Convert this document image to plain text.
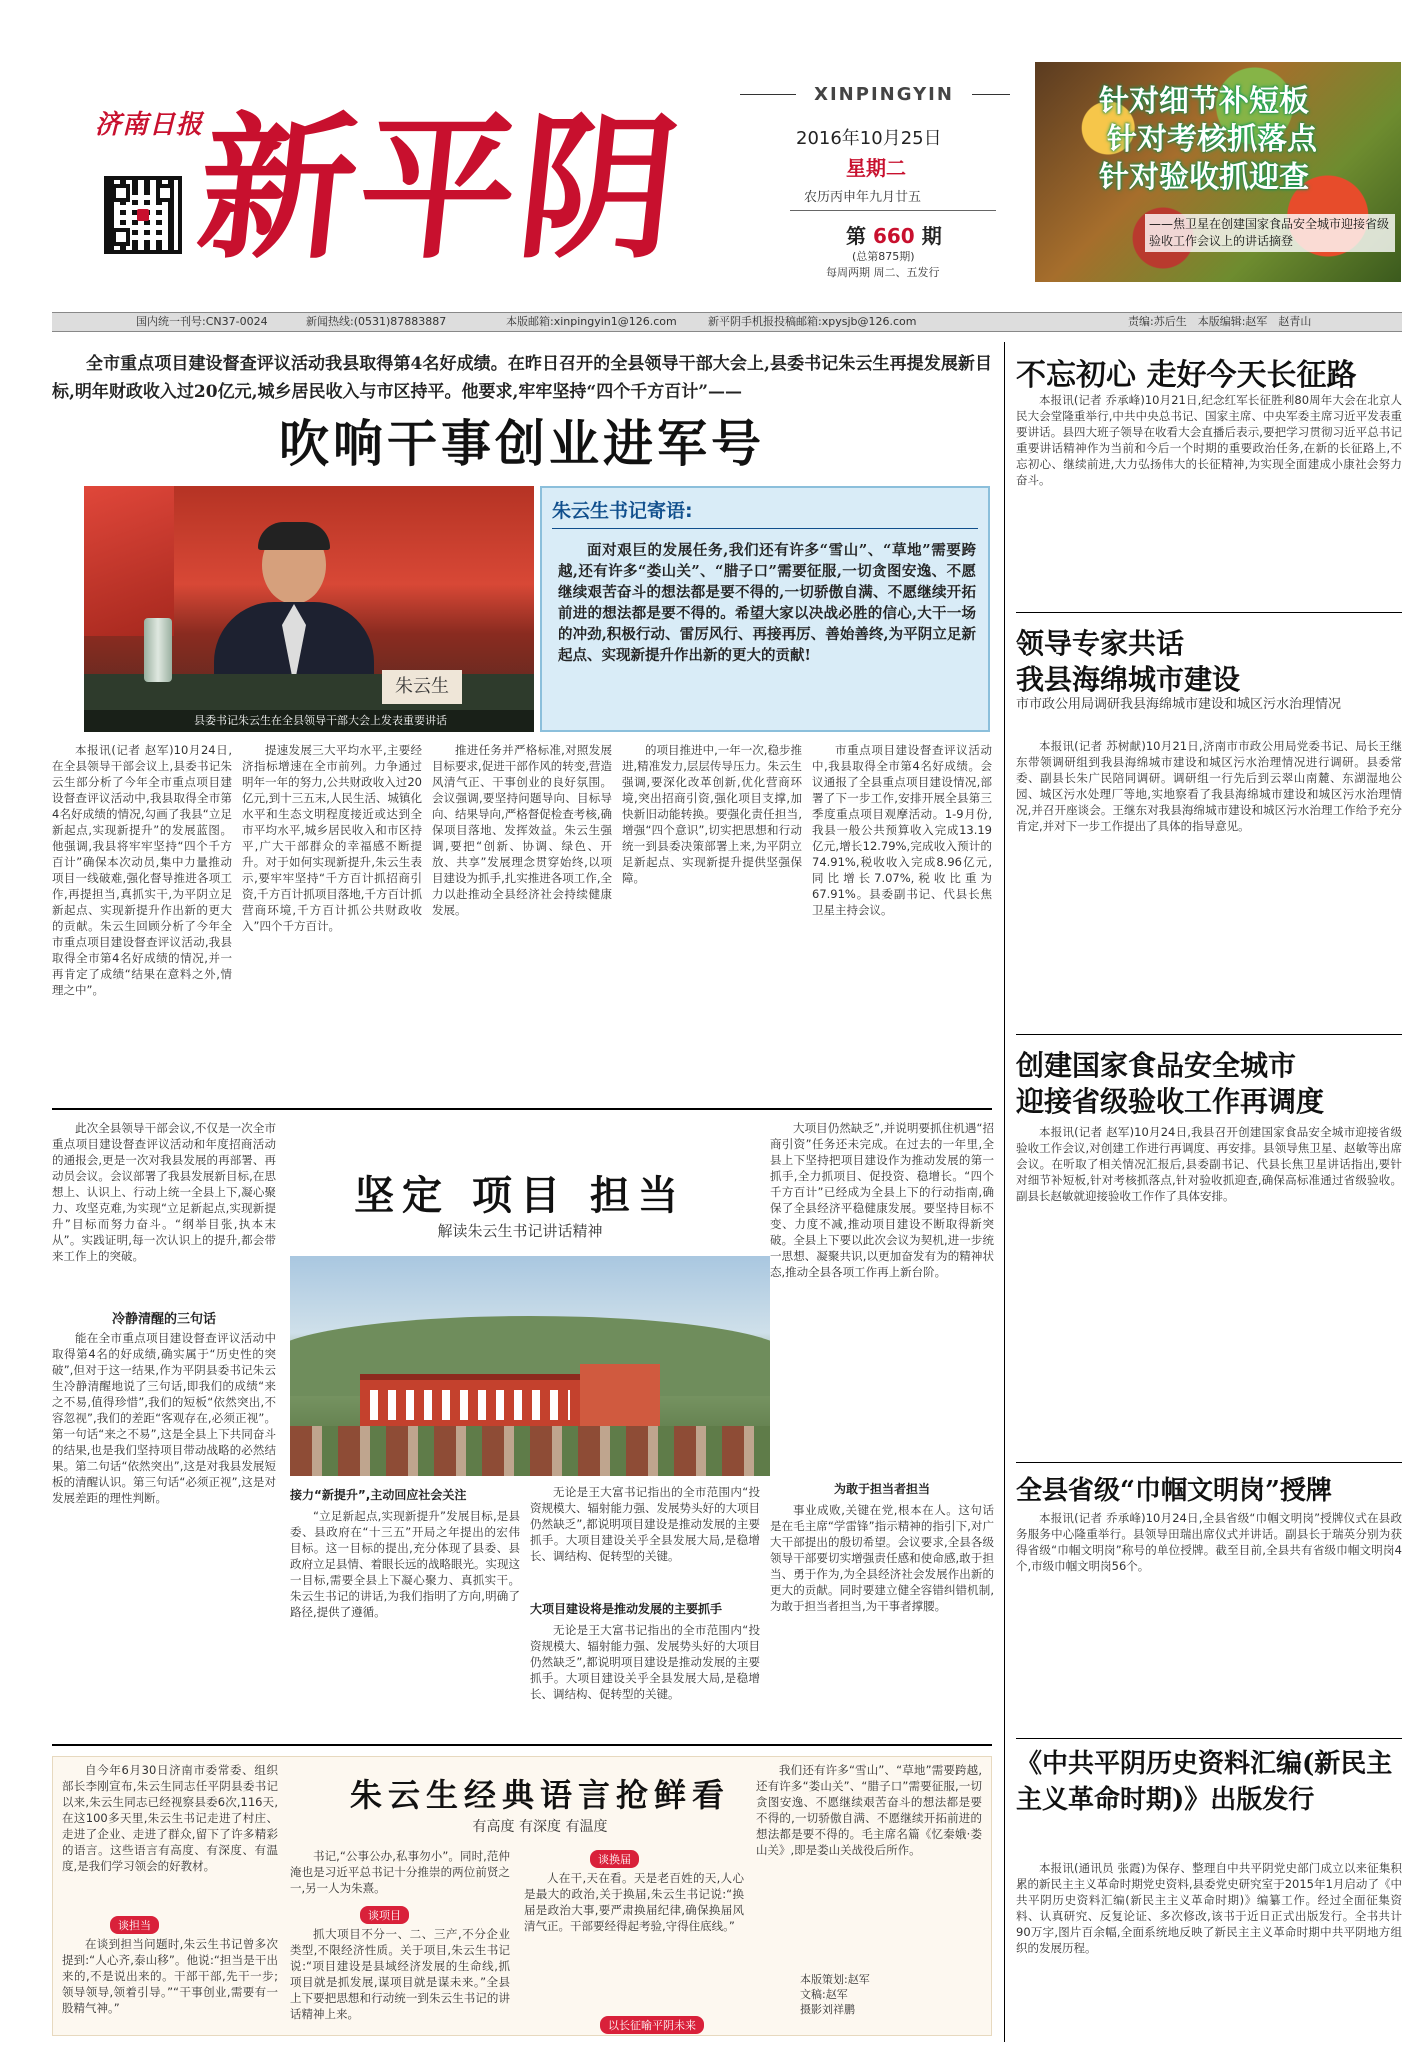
济南日报
新平阴
XINPINGYIN
2016年10月25日
星期二
农历丙申年九月廿五
第 660 期
(总第875期)
每周两期 周二、五发行
针对细节补短板
针对考核抓落点
针对验收抓迎查
——焦卫星在创建国家食品安全城市迎接省级验收工作会议上的讲话摘登
国内统一刊号:CN37-0024	新闻热线:(0531)87883887	本版邮箱:xinpingyin1@126.com	新平阴手机报投稿邮箱:xpysjb@126.com	责编:苏后生　本版编辑:赵军　赵青山
全市重点项目建设督查评议活动我县取得第4名好成绩。在昨日召开的全县领导干部大会上,县委书记朱云生再提发展新目标,明年财政收入过20亿元,城乡居民收入与市区持平。他要求,牢牢坚持“四个千方百计”——
吹响干事创业进军号
朱云生
县委书记朱云生在全县领导干部大会上发表重要讲话
朱云生书记寄语:
面对艰巨的发展任务,我们还有许多“雪山”、“草地”需要跨越,还有许多“娄山关”、“腊子口”需要征服,一切贪图安逸、不愿继续艰苦奋斗的想法都是要不得的,一切骄傲自满、不愿继续开拓前进的想法都是要不得的。希望大家以决战必胜的信心,大干一场的冲劲,积极行动、雷厉风行、再接再厉、善始善终,为平阴立足新起点、实现新提升作出新的更大的贡献!
本报讯(记者 赵军)10月24日,在全县领导干部会议上,县委书记朱云生部分析了今年全市重点项目建设督查评议活动中,我县取得全市第4名好成绩的情况,勾画了我县“立足新起点,实现新提升”的发展蓝图。他强调,我县将牢牢坚持“四个千方百计”确保本次动员,集中力量推动项目一线破难,强化督导推进各项工作,再提担当,真抓实干,为平阴立足新起点、实现新提升作出新的更大的贡献。朱云生回顾分析了今年全市重点项目建设督查评议活动,我县取得全市第4名好成绩的情况,并一再肯定了成绩“结果在意料之外,情理之中”。
提速发展三大平均水平,主要经济指标增速在全市前列。力争通过明年一年的努力,公共财政收入过20亿元,到十三五末,人民生活、城镇化水平和生态文明程度接近或达到全市平均水平,城乡居民收入和市区持平,广大干部群众的幸福感不断提升。对于如何实现新提升,朱云生表示,要牢牢坚持“千方百计抓招商引资,千方百计抓项目落地,千方百计抓营商环境,千方百计抓公共财政收入”四个千方百计。
推进任务并严格标准,对照发展目标要求,促进干部作风的转变,营造风清气正、干事创业的良好氛围。会议强调,要坚持问题导向、目标导向、结果导向,严格督促检查考核,确保项目落地、发挥效益。朱云生强调,要把“创新、协调、绿色、开放、共享”发展理念贯穿始终,以项目建设为抓手,扎实推进各项工作,全力以赴推动全县经济社会持续健康发展。
的项目推进中,一年一次,稳步推进,精准发力,层层传导压力。朱云生强调,要深化改革创新,优化营商环境,突出招商引资,强化项目支撑,加快新旧动能转换。要强化责任担当,增强“四个意识”,切实把思想和行动统一到县委决策部署上来,为平阴立足新起点、实现新提升提供坚强保障。
市重点项目建设督查评议活动中,我县取得全市第4名好成绩。会议通报了全县重点项目建设情况,部署了下一步工作,安排开展全县第三季度重点项目观摩活动。1-9月份,我县一般公共预算收入完成13.19亿元,增长12.79%,完成收入预计的74.91%,税收收入完成8.96亿元,同比增长7.07%,税收比重为67.91%。县委副书记、代县长焦卫星主持会议。
此次全县领导干部会议,不仅是一次全市重点项目建设督查评议活动和年度招商活动的通报会,更是一次对我县发展的再部署、再动员会议。会议部署了我县发展新目标,在思想上、认识上、行动上统一全县上下,凝心聚力、攻坚克难,为实现“立足新起点,实现新提升”目标而努力奋斗。“纲举目张,执本末从”。实践证明,每一次认识上的提升,都会带来工作上的突破。
冷静清醒的三句话
能在全市重点项目建设督查评议活动中取得第4名的好成绩,确实属于“历史性的突破”,但对于这一结果,作为平阴县委书记朱云生冷静清醒地说了三句话,即我们的成绩“来之不易,值得珍惜”,我们的短板“依然突出,不容忽视”,我们的差距“客观存在,必须正视”。第一句话“来之不易”,这是全县上下共同奋斗的结果,也是我们坚持项目带动战略的必然结果。第二句话“依然突出”,这是对我县发展短板的清醒认识。第三句话“必须正视”,这是对发展差距的理性判断。
坚定 项目 担当
解读朱云生书记讲话精神
接力“新提升”,主动回应社会关注
“立足新起点,实现新提升”发展目标,是县委、县政府在“十三五”开局之年提出的宏伟目标。这一目标的提出,充分体现了县委、县政府立足县情、着眼长远的战略眼光。实现这一目标,需要全县上下凝心聚力、真抓实干。朱云生书记的讲话,为我们指明了方向,明确了路径,提供了遵循。
无论是王大富书记指出的全市范围内“投资规模大、辐射能力强、发展势头好的大项目仍然缺乏”,都说明项目建设是推动发展的主要抓手。大项目建设关乎全县发展大局,是稳增长、调结构、促转型的关键。
大项目建设将是推动发展的主要抓手
无论是王大富书记指出的全市范围内“投资规模大、辐射能力强、发展势头好的大项目仍然缺乏”,都说明项目建设是推动发展的主要抓手。大项目建设关乎全县发展大局,是稳增长、调结构、促转型的关键。
大项目仍然缺乏”,并说明要抓住机遇“招商引资”任务还未完成。在过去的一年里,全县上下坚持把项目建设作为推动发展的第一抓手,全力抓项目、促投资、稳增长。“四个千方百计”已经成为全县上下的行动指南,确保了全县经济平稳健康发展。要坚持目标不变、力度不减,推动项目建设不断取得新突破。全县上下要以此次会议为契机,进一步统一思想、凝聚共识,以更加奋发有为的精神状态,推动全县各项工作再上新台阶。
为敢于担当者担当
事业成败,关键在党,根本在人。这句话是在毛主席“学雷锋”指示精神的指引下,对广大干部提出的殷切希望。会议要求,全县各级领导干部要切实增强责任感和使命感,敢于担当、勇于作为,为全县经济社会发展作出新的更大的贡献。同时要建立健全容错纠错机制,为敢于担当者担当,为干事者撑腰。
朱云生经典语言抢鲜看
有高度 有深度 有温度
自今年6月30日济南市委常委、组织部长李刚宣布,朱云生同志任平阴县委书记以来,朱云生同志已经视察县委6次,116天,在这100多天里,朱云生书记走进了村庄、走进了企业、走进了群众,留下了许多精彩的语言。这些语言有高度、有深度、有温度,是我们学习领会的好教材。
谈担当
在谈到担当问题时,朱云生书记曾多次提到:“人心齐,泰山移”。他说:“担当是干出来的,不是说出来的。干部干部,先干一步;领导领导,领着引导。”“干事创业,需要有一股精气神。”
书记,“公事公办,私事勿小”。同时,范仲淹也是习近平总书记十分推崇的两位前贤之一,另一人为朱熹。
谈项目
抓大项目不分一、二、三产,不分企业类型,不限经济性质。关于项目,朱云生书记说:“项目建设是县域经济发展的生命线,抓项目就是抓发展,谋项目就是谋未来。”全县上下要把思想和行动统一到朱云生书记的讲话精神上来。
谈换届
人在干,天在看。天是老百姓的天,人心是最大的政治,关于换届,朱云生书记说:“换届是政治大事,要严肃换届纪律,确保换届风清气正。干部要经得起考验,守得住底线。”
我们还有许多“雪山”、“草地”需要跨越,还有许多“娄山关”、“腊子口”需要征服,一切贪图安逸、不愿继续艰苦奋斗的想法都是要不得的,一切骄傲自满、不愿继续开拓前进的想法都是要不得的。毛主席名篇《忆秦娥·娄山关》,即是娄山关战役后所作。
以长征喻平阴未来
本版策划:赵军
文稿:赵军
摄影刘祥鹏
不忘初心 走好今天长征路
本报讯(记者 乔承峰)10月21日,纪念红军长征胜利80周年大会在北京人民大会堂隆重举行,中共中央总书记、国家主席、中央军委主席习近平发表重要讲话。县四大班子领导在收看大会直播后表示,要把学习贯彻习近平总书记重要讲话精神作为当前和今后一个时期的重要政治任务,在新的长征路上,不忘初心、继续前进,大力弘扬伟大的长征精神,为实现全面建成小康社会努力奋斗。
领导专家共话
我县海绵城市建设
市市政公用局调研我县海绵城市建设和城区污水治理情况
本报讯(记者 苏树献)10月21日,济南市市政公用局党委书记、局长王继东带领调研组到我县海绵城市建设和城区污水治理情况进行调研。县委常委、副县长朱广民陪同调研。调研组一行先后到云翠山南麓、东湖湿地公园、城区污水处理厂等地,实地察看了我县海绵城市建设和城区污水治理情况,并召开座谈会。王继东对我县海绵城市建设和城区污水治理工作给予充分肯定,并对下一步工作提出了具体的指导意见。
创建国家食品安全城市
迎接省级验收工作再调度
本报讯(记者 赵军)10月24日,我县召开创建国家食品安全城市迎接省级验收工作会议,对创建工作进行再调度、再安排。县领导焦卫星、赵敏等出席会议。在听取了相关情况汇报后,县委副书记、代县长焦卫星讲话指出,要针对细节补短板,针对考核抓落点,针对验收抓迎查,确保高标准通过省级验收。副县长赵敏就迎接验收工作作了具体安排。
全县省级“巾帼文明岗”授牌
本报讯(记者 乔承峰)10月24日,全县省级“巾帼文明岗”授牌仪式在县政务服务中心隆重举行。县领导田瑞出席仪式并讲话。副县长于瑞英分别为获得省级“巾帼文明岗”称号的单位授牌。截至目前,全县共有省级巾帼文明岗4个,市级巾帼文明岗56个。
《中共平阴历史资料汇编(新民主主义革命时期)》出版发行
本报讯(通讯员 张霞)为保存、整理自中共平阴党史部门成立以来征集积累的新民主主义革命时期党史资料,县委党史研究室于2015年1月启动了《中共平阴历史资料汇编(新民主主义革命时期)》编纂工作。经过全面征集资料、认真研究、反复论证、多次修改,该书于近日正式出版发行。全书共计90万字,图片百余幅,全面系统地反映了新民主主义革命时期中共平阴地方组织的发展历程。
